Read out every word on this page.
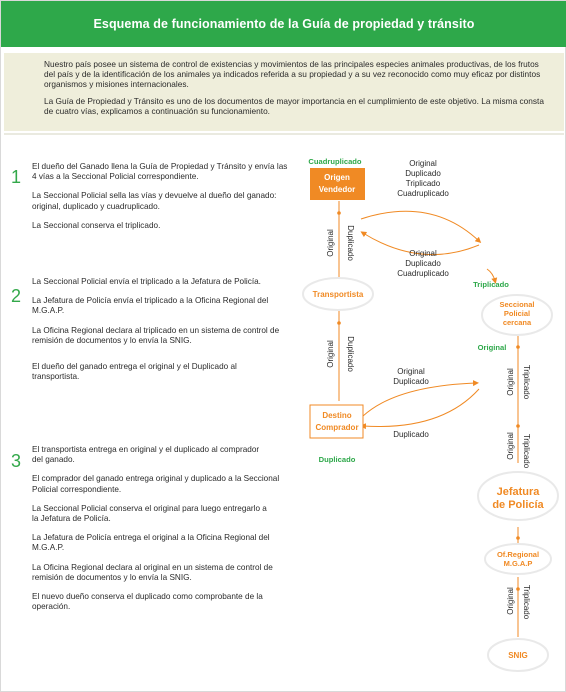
Esquema de funcionamiento de la Guía de propiedad y tránsito

Nuestro país posee un sistema de control de existencias y movimientos de las principales especies animales productivas, de los frutos del país y de la identificación de los animales ya indicados referida a su propiedad y a su vez reconocido como muy eficaz por distintos organismos y misiones internacionales.

La Guía de Propiedad y Tránsito es uno de los documentos de mayor importancia en el cumplimiento de este objetivo. La misma consta de cuatro vías, explicamos a continuación su funcionamiento.

1

El dueño del Ganado llena la Guía de Propiedad y Tránsito y envía las 4 vías a la Seccional Policial correspondiente.

La Seccional Policial sella las vías y devuelve al dueño del ganado: original, duplicado y cuadruplicado.

La Seccional conserva el triplicado.

2

La Seccional Policial envía el triplicado a la Jefatura de Policía.

La Jefatura de Policía envía el triplicado a la Oficina Regional del M.G.A.P.

La Oficina Regional declara al triplicado en un sistema de control de remisión de documentos y lo envía la SNIG.

El dueño del ganado entrega el original y el Duplicado al transportista.

3

El transportista entrega en original y el duplicado al comprador del ganado.

El comprador del ganado entrega original y duplicado a la Seccional Policial correspondiente.

La Seccional Policial conserva el original para luego entregarlo a la Jefatura de Policía.

La Jefatura de Policía entrega el original a la Oficina Regional del M.G.A.P.

La Oficina Regional declara al original en un sistema de control de remisión de documentos y lo envía la SNIG.

El nuevo dueño conserva el duplicado como comprobante de la operación.

Original Duplicado
Original Duplicado
Original Triplicado
Original Triplicado
Original Triplicado
Cuadruplicado
Duplicado
Triplicado
Original
Original
Duplicado
Triplicado
Cuadruplicado
Original
Duplicado
Cuadruplicado
Original
Duplicado
Duplicado
Origen
Vendedor
Transportista
Destino
Comprador
Seccional
Policial
cercana
Jefatura
de Policía
Of.Regional
M.G.A.P
SNIG
